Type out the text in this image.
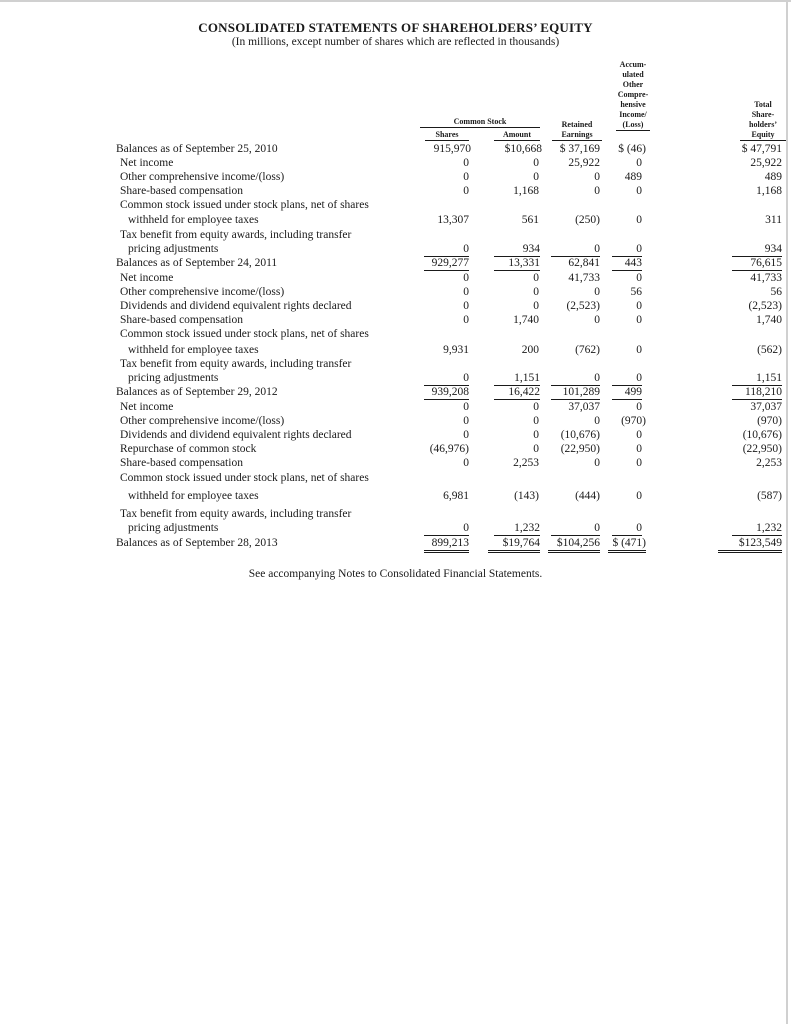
CONSOLIDATED STATEMENTS OF SHAREHOLDERS’ EQUITY
(In millions, except number of shares which are reflected in thousands)
Common Stock
Shares	Amount
Retained
Earnings
Accum-
ulated
Other
Compre-
hensive
Income/
(Loss)
Total
Share-
holders’
Equity
Balances as of September 25, 2010	915,970	$10,668	$ 37,169	$ (46)	$ 47,791
Net income	0	0	25,922	0	25,922
Other comprehensive income/(loss)	0	0	0	489	489
Share-based compensation	0	1,168	0	0	1,168
Common stock issued under stock plans, net of shares
withheld for employee taxes	13,307	561	(250)	0	311
Tax benefit from equity awards, including transfer
pricing adjustments	0	934	0	0	934
Balances as of September 24, 2011	929,277	13,331	62,841	443	76,615
Net income	0	0	41,733	0	41,733
Other comprehensive income/(loss)	0	0	0	56	56
Dividends and dividend equivalent rights declared	0	0	(2,523)	0	(2,523)
Share-based compensation	0	1,740	0	0	1,740
Common stock issued under stock plans, net of shares
withheld for employee taxes	9,931	200	(762)	0	(562)
Tax benefit from equity awards, including transfer
pricing adjustments	0	1,151	0	0	1,151
Balances as of September 29, 2012	939,208	16,422	101,289	499	118,210
Net income	0	0	37,037	0	37,037
Other comprehensive income/(loss)	0	0	0	(970)	(970)
Dividends and dividend equivalent rights declared	0	0	(10,676)	0	(10,676)
Repurchase of common stock	(46,976)	0	(22,950)	0	(22,950)
Share-based compensation	0	2,253	0	0	2,253
Common stock issued under stock plans, net of shares
withheld for employee taxes	6,981	(143)	(444)	0	(587)
Tax benefit from equity awards, including transfer
pricing adjustments	0	1,232	0	0	1,232
Balances as of September 28, 2013	899,213	$19,764	$104,256	$ (471)	$123,549
See accompanying Notes to Consolidated Financial Statements.
